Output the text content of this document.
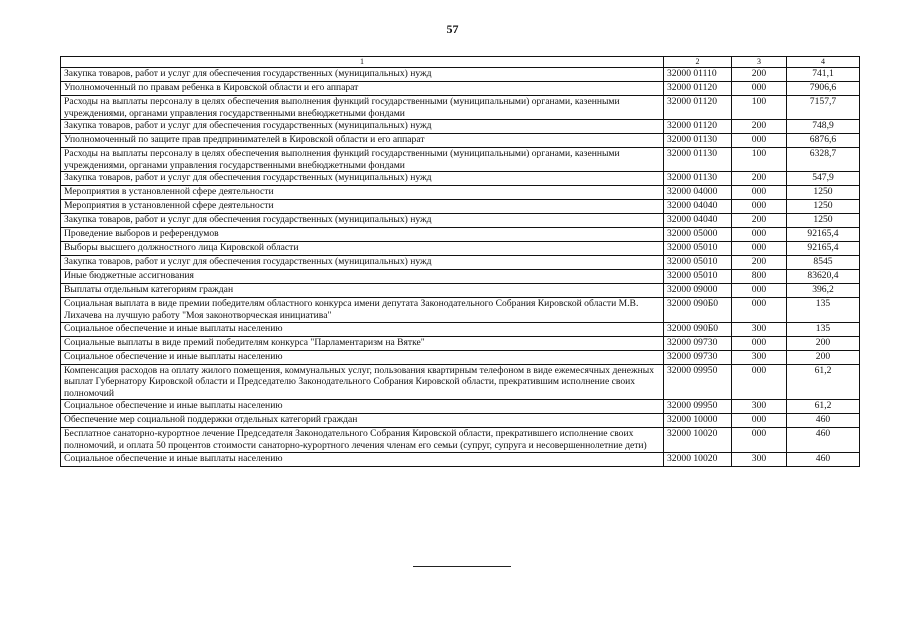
57
1	2	3	4
Закупка товаров, работ и услуг для обеспечения государственных (муниципальных) нужд	32000 01110	200	741,1
Уполномоченный по правам ребенка в Кировской области и его аппарат	32000 01120	000	7906,6
Расходы на выплаты персоналу в целях обеспечения выполнения функций государственными (муниципальными) органами, казенными учреждениями, органами управления государственными внебюджетными фондами	32000 01120	100	7157,7
Закупка товаров, работ и услуг для обеспечения государственных (муниципальных) нужд	32000 01120	200	748,9
Уполномоченный по защите прав предпринимателей в Кировской области и его аппарат	32000 01130	000	6876,6
Расходы на выплаты персоналу в целях обеспечения выполнения функций государственными (муниципальными) органами, казенными учреждениями, органами управления государственными внебюджетными фондами	32000 01130	100	6328,7
Закупка товаров, работ и услуг для обеспечения государственных (муниципальных) нужд	32000 01130	200	547,9
Мероприятия в установленной сфере деятельности	32000 04000	000	1250
Мероприятия в установленной сфере деятельности	32000 04040	000	1250
Закупка товаров, работ и услуг для обеспечения государственных (муниципальных) нужд	32000 04040	200	1250
Проведение выборов и референдумов	32000 05000	000	92165,4
Выборы высшего должностного лица Кировской области	32000 05010	000	92165,4
Закупка товаров, работ и услуг для обеспечения государственных (муниципальных) нужд	32000 05010	200	8545
Иные бюджетные ассигнования	32000 05010	800	83620,4
Выплаты отдельным категориям граждан	32000 09000	000	396,2
Социальная выплата в виде премии победителям областного конкурса имени депутата Законодательного Собрания Кировской области М.В. Лихачева на лучшую работу "Моя законотворческая инициатива"	32000 090Б0	000	135
Социальное обеспечение и иные выплаты населению	32000 090Б0	300	135
Социальные выплаты в виде премий победителям конкурса "Парламентаризм на Вятке"	32000 09730	000	200
Социальное обеспечение и иные выплаты населению	32000 09730	300	200
Компенсация расходов на оплату жилого помещения, коммунальных услуг, пользования квартирным телефоном в виде ежемесячных денежных выплат Губернатору Кировской области и Председателю Законодательного Собрания Кировской области, прекратившим исполнение своих полномочий	32000 09950	000	61,2
Социальное обеспечение и иные выплаты населению	32000 09950	300	61,2
Обеспечение мер социальной поддержки отдельных категорий граждан	32000 10000	000	460
Бесплатное санаторно-курортное лечение Председателя Законодательного Собрания Кировской области, прекратившего исполнение своих полномочий, и оплата 50 процентов стоимости санаторно-курортного лечения членам его семьи (супруг, супруга и несовершеннолетние дети)	32000 10020	000	460
Социальное обеспечение и иные выплаты населению	32000 10020	300	460
